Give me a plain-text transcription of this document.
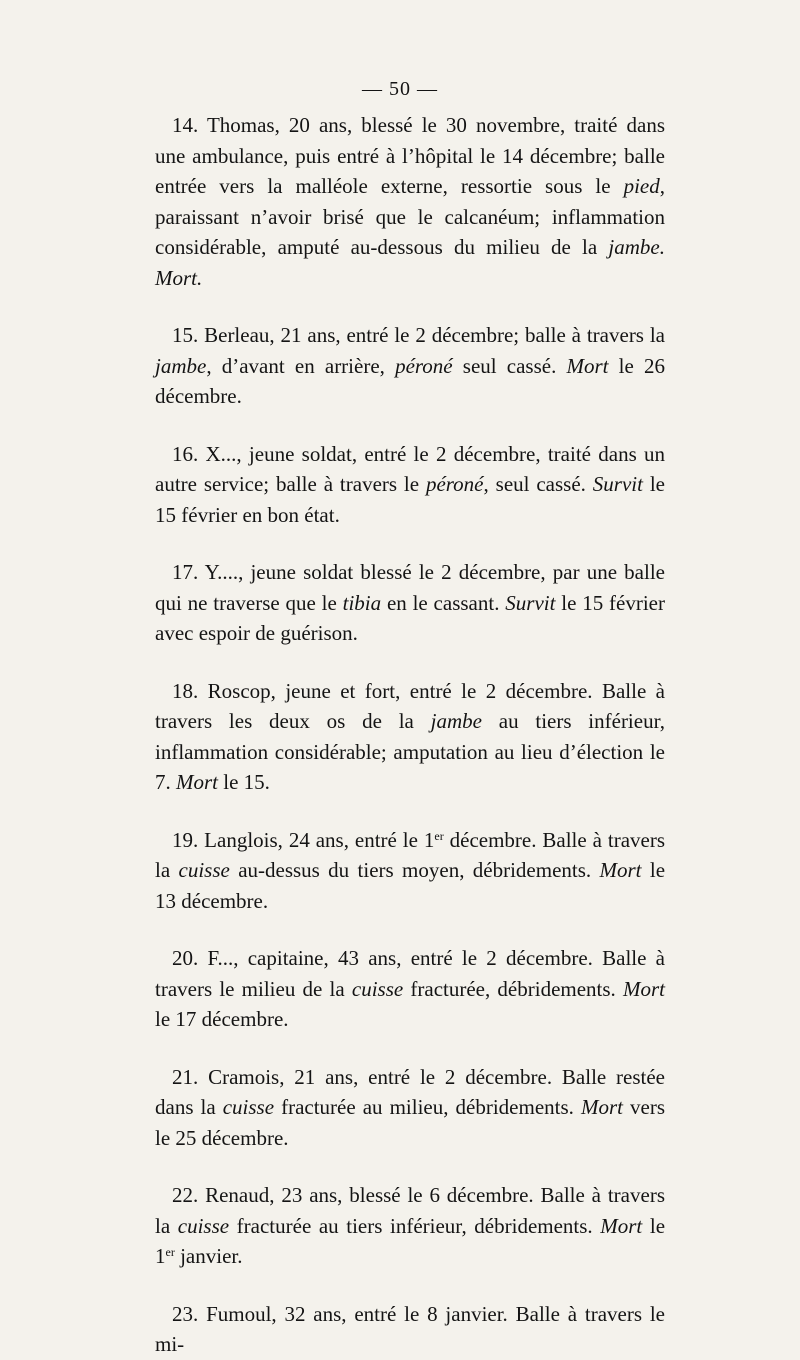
— 50 —

14. Thomas, 20 ans, blessé le 30 novembre, traité dans une ambulance, puis entré à l’hôpital le 14 décembre; balle entrée vers la malléole externe, ressortie sous le pied, paraissant n’avoir brisé que le calcanéum; inflammation considérable, amputé au-dessous du milieu de la jambe. Mort.

15. Berleau, 21 ans, entré le 2 décembre; balle à travers la jambe, d’avant en arrière, péroné seul cassé. Mort le 26 décembre.

16. X..., jeune soldat, entré le 2 décembre, traité dans un autre service; balle à travers le péroné, seul cassé. Survit le 15 février en bon état.

17. Y...., jeune soldat blessé le 2 décembre, par une balle qui ne traverse que le tibia en le cassant. Survit le 15 février avec espoir de guérison.

18. Roscop, jeune et fort, entré le 2 décembre. Balle à travers les deux os de la jambe au tiers inférieur, inflammation considérable; amputation au lieu d’élection le 7. Mort le 15.

19. Langlois, 24 ans, entré le 1er décembre. Balle à travers la cuisse au-dessus du tiers moyen, débridements. Mort le 13 décembre.

20. F..., capitaine, 43 ans, entré le 2 décembre. Balle à travers le milieu de la cuisse fracturée, débridements. Mort le 17 décembre.

21. Cramois, 21 ans, entré le 2 décembre. Balle restée dans la cuisse fracturée au milieu, débridements. Mort vers le 25 décembre.

22. Renaud, 23 ans, blessé le 6 décembre. Balle à travers la cuisse fracturée au tiers inférieur, débridements. Mort le 1er janvier.

23. Fumoul, 32 ans, entré le 8 janvier. Balle à travers le mi-
